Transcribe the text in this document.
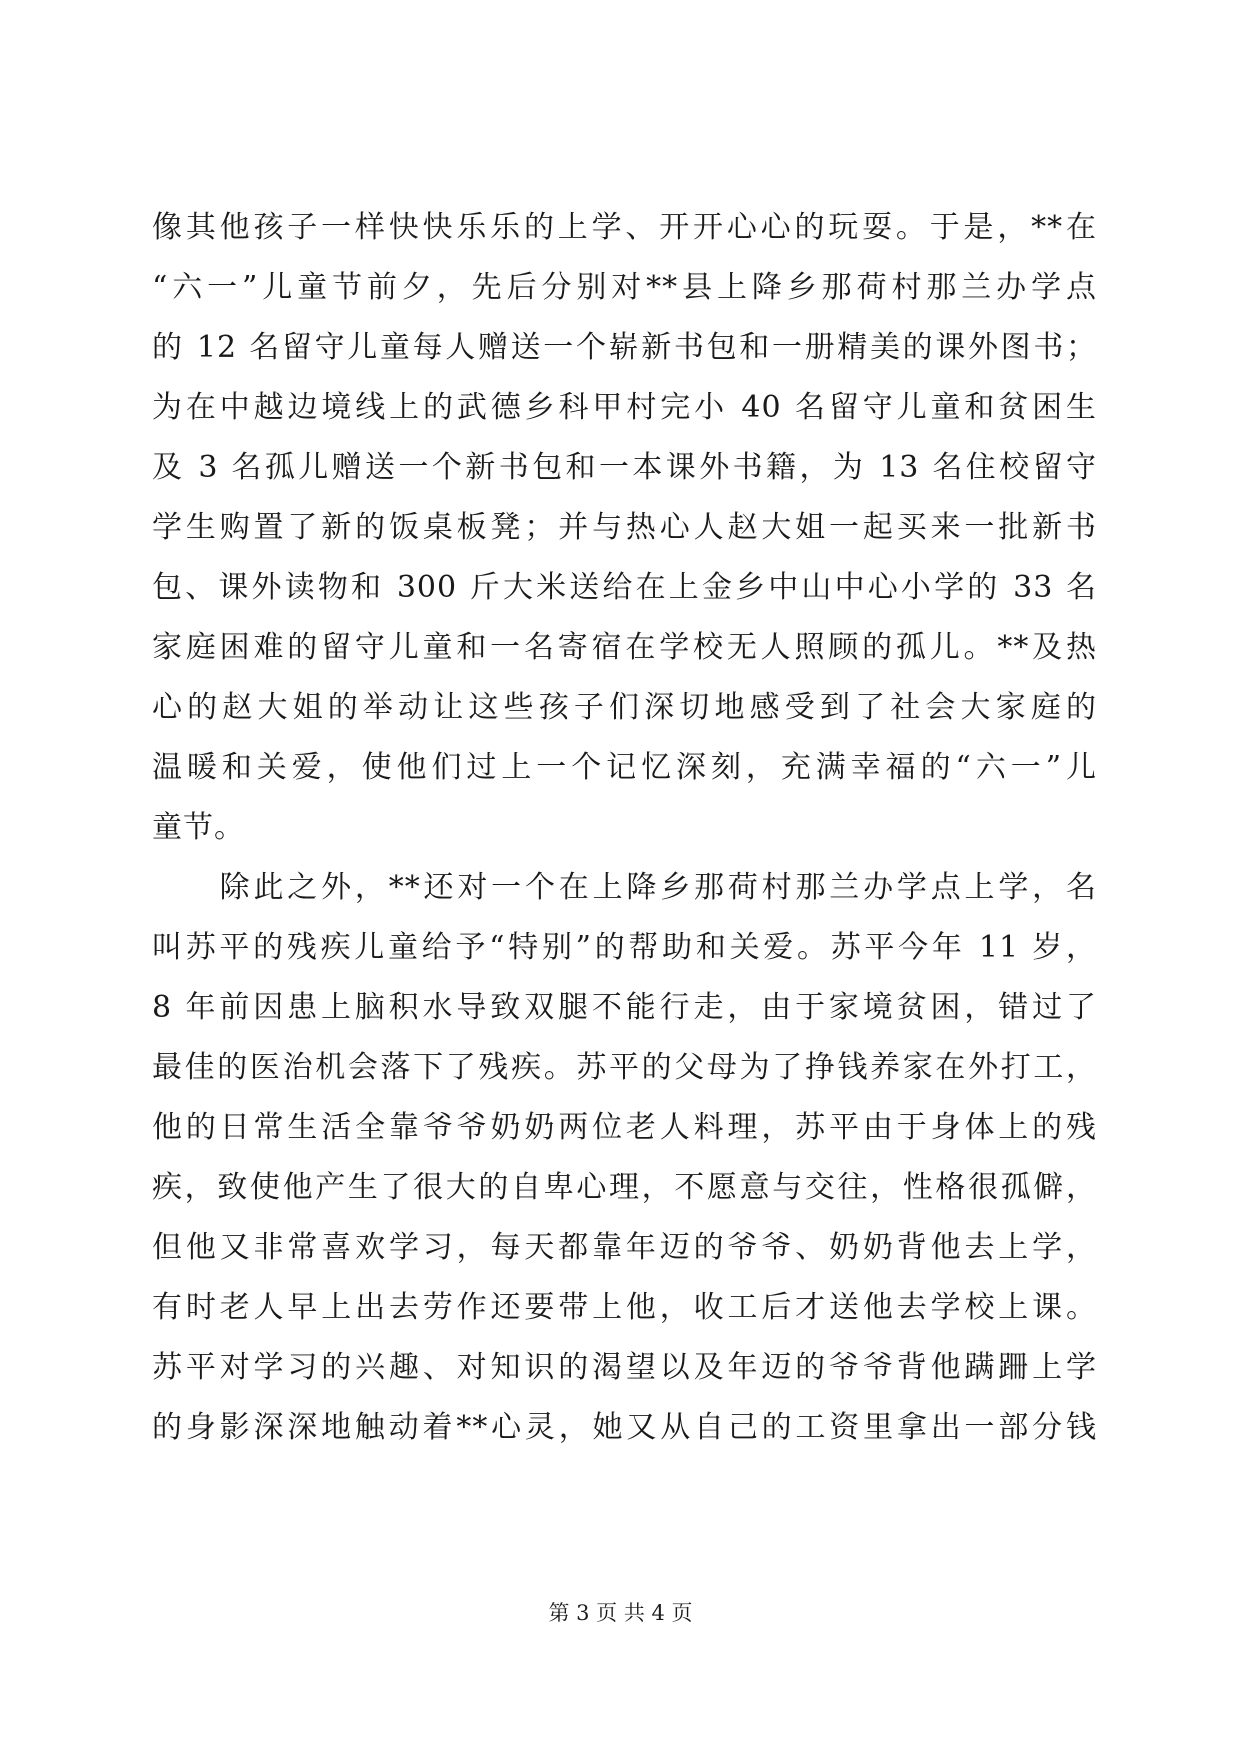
像其他孩子一样快快乐乐的上学、开开心心的玩耍。于是，**在
“六一”儿童节前夕，先后分别对**县上降乡那荷村那兰办学点
的 12 名留守儿童每人赠送一个崭新书包和一册精美的课外图书；
为在中越边境线上的武德乡科甲村完小 40 名留守儿童和贫困生
及 3 名孤儿赠送一个新书包和一本课外书籍，为 13 名住校留守
学生购置了新的饭桌板凳；并与热心人赵大姐一起买来一批新书
包、课外读物和 300 斤大米送给在上金乡中山中心小学的 33 名
家庭困难的留守儿童和一名寄宿在学校无人照顾的孤儿。**及热
心的赵大姐的举动让这些孩子们深切地感受到了社会大家庭的
温暖和关爱，使他们过上一个记忆深刻，充满幸福的“六一”儿
童节。
　　除此之外，**还对一个在上降乡那荷村那兰办学点上学，名
叫苏平的残疾儿童给予“特别”的帮助和关爱。苏平今年 11 岁，
8 年前因患上脑积水导致双腿不能行走，由于家境贫困，错过了
最佳的医治机会落下了残疾。苏平的父母为了挣钱养家在外打工，
他的日常生活全靠爷爷奶奶两位老人料理，苏平由于身体上的残
疾，致使他产生了很大的自卑心理，不愿意与交往，性格很孤僻，
但他又非常喜欢学习，每天都靠年迈的爷爷、奶奶背他去上学，
有时老人早上出去劳作还要带上他，收工后才送他去学校上课。
苏平对学习的兴趣、对知识的渴望以及年迈的爷爷背他蹒跚上学
的身影深深地触动着**心灵，她又从自己的工资里拿出一部分钱
第 3 页 共 4 页
